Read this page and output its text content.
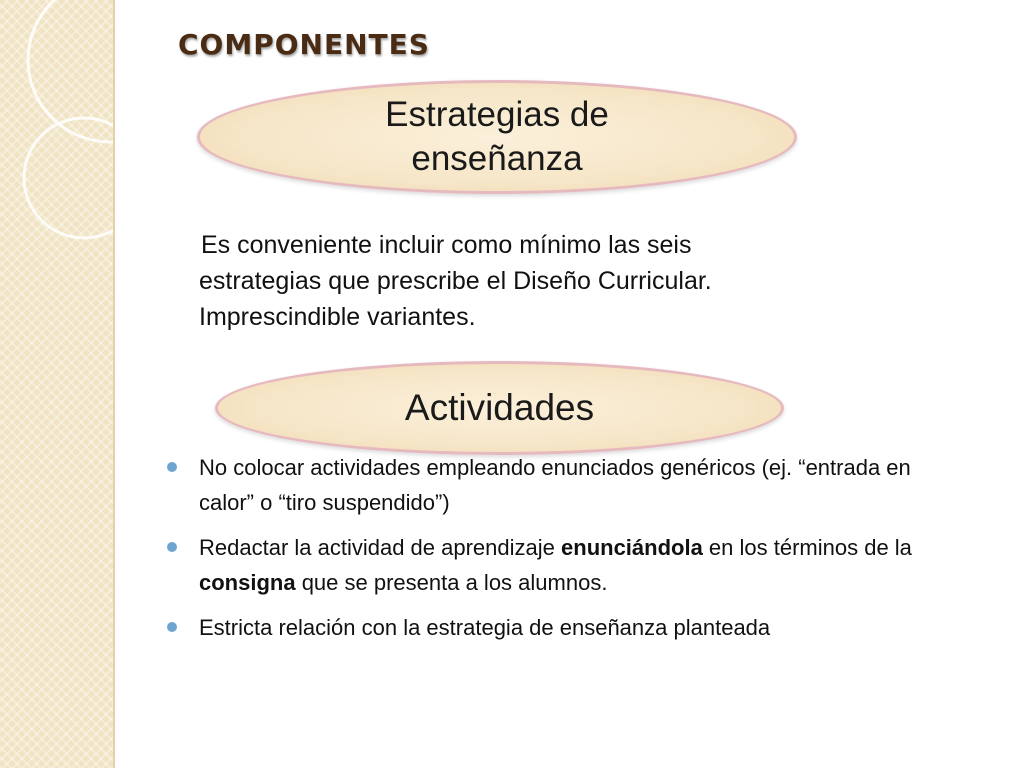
COMPONENTES
Estrategias de
enseñanza

Es conveniente incluir como mínimo las seis
estrategias que prescribe el Diseño Curricular.
Imprescindible variantes.

Actividades
No colocar actividades empleando enunciados genéricos (ej. “entrada en calor” o “tiro suspendido”)
Redactar la actividad de aprendizaje enunciándola en los términos de la consigna que se presenta a los alumnos.
Estricta relación con la estrategia de enseñanza planteada
